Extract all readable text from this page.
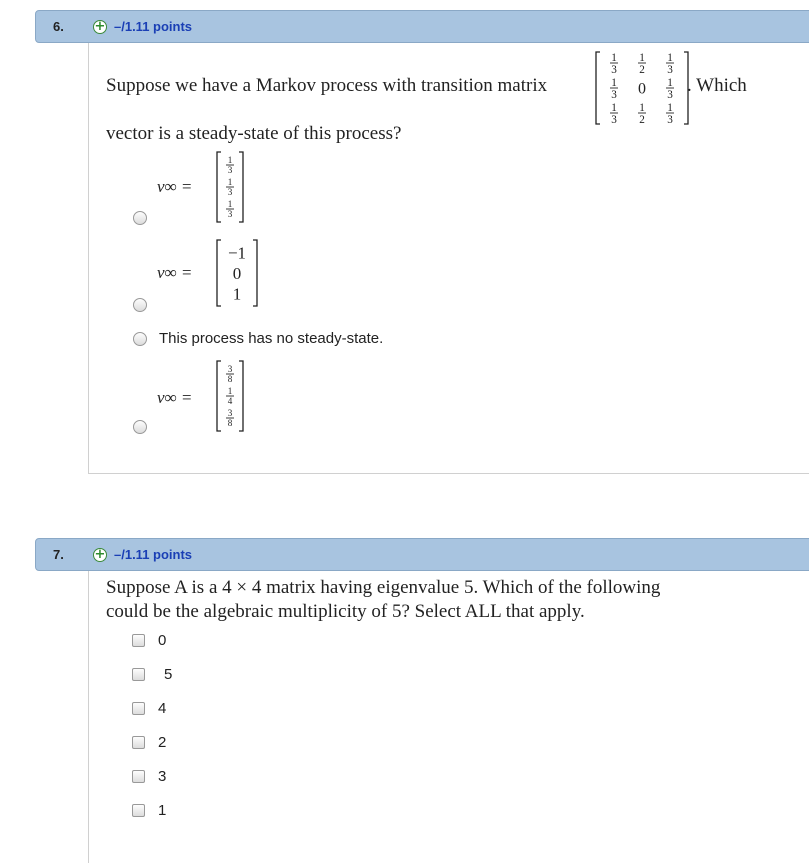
6. + –/1.11 points
Suppose we have a Markov process with transition matrix
1
3
1
2
1
3
1
3 0 1
3
1
3
1
2
1
3
. Which
vector is a steady-state of this process?
v∞ =
1
3
1
3
1
3
v∞ =
−1
0
1
This process has no steady-state.
v∞ =
3
8
1
4
3
8
7. + –/1.11 points
Suppose A is a 4 × 4 matrix having eigenvalue 5. Which of the following
could be the algebraic multiplicity of 5? Select ALL that apply.
0
5
4
2
3
1
